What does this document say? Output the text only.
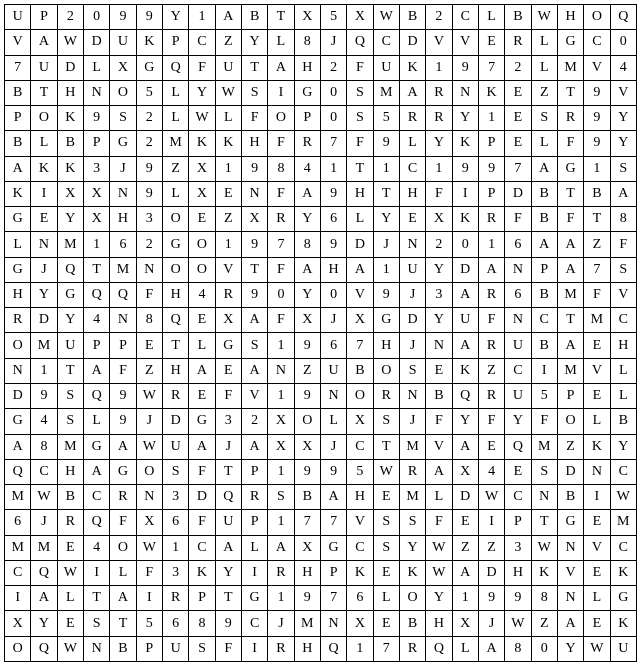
U	P	2	0	9	9	Y	1	A	B	T	X	5	X	W	B	2	C	L	B	W	H	O	Q
V	A	W	D	U	K	P	C	Z	Y	L	8	J	Q	C	D	V	V	E	R	L	G	C	0
7	U	D	L	X	G	Q	F	U	T	A	H	2	F	U	K	1	9	7	2	L	M	V	4
B	T	H	N	O	5	L	Y	W	S	I	G	0	S	M	A	R	N	K	E	Z	T	9	V
P	O	K	9	S	2	L	W	L	F	O	P	0	S	5	R	R	Y	1	E	S	R	9	Y
B	L	B	P	G	2	M	K	K	H	F	R	7	F	9	L	Y	K	P	E	L	F	9	Y
A	K	K	3	J	9	Z	X	1	9	8	4	1	T	1	C	1	9	9	7	A	G	1	S
K	I	X	X	N	9	L	X	E	N	F	A	9	H	T	H	F	I	P	D	B	T	B	A
G	E	Y	X	H	3	O	E	Z	X	R	Y	6	L	Y	E	X	K	R	F	B	F	T	8
L	N	M	1	6	2	G	O	1	9	7	8	9	D	J	N	2	0	1	6	A	A	Z	F
G	J	Q	T	M	N	O	O	V	T	F	A	H	A	1	U	Y	D	A	N	P	A	7	S
H	Y	G	Q	Q	F	H	4	R	9	0	Y	0	V	9	J	3	A	R	6	B	M	F	V
R	D	Y	4	N	8	Q	E	X	A	F	X	J	X	G	D	Y	U	F	N	C	T	M	C
O	M	U	P	P	E	T	L	G	S	1	9	6	7	H	J	N	A	R	U	B	A	E	H
N	1	T	A	F	Z	H	A	E	A	N	Z	U	B	O	S	E	K	Z	C	I	M	V	L
D	9	S	Q	9	W	R	E	F	V	1	9	N	O	R	N	B	Q	R	U	5	P	E	L
G	4	S	L	9	J	D	G	3	2	X	O	L	X	S	J	F	Y	F	Y	F	O	L	B
A	8	M	G	A	W	U	A	J	A	X	X	J	C	T	M	V	A	E	Q	M	Z	K	Y
Q	C	H	A	G	O	S	F	T	P	1	9	9	5	W	R	A	X	4	E	S	D	N	C
M	W	B	C	R	N	3	D	Q	R	S	B	A	H	E	M	L	D	W	C	N	B	I	W
6	J	R	Q	F	X	6	F	U	P	1	7	7	V	S	S	F	E	I	P	T	G	E	M
M	M	E	4	O	W	1	C	A	L	A	X	G	C	S	Y	W	Z	Z	3	W	N	V	C
C	Q	W	I	L	F	3	K	Y	I	R	H	P	K	E	K	W	A	D	H	K	V	E	K
I	A	L	T	A	I	R	P	T	G	1	9	7	6	L	O	Y	1	9	9	8	N	L	G
X	Y	E	S	T	5	6	8	9	C	J	M	N	X	E	B	H	X	J	W	Z	A	E	K
O	Q	W	N	B	P	U	S	F	I	R	H	Q	1	7	R	Q	L	A	8	0	Y	W	U
